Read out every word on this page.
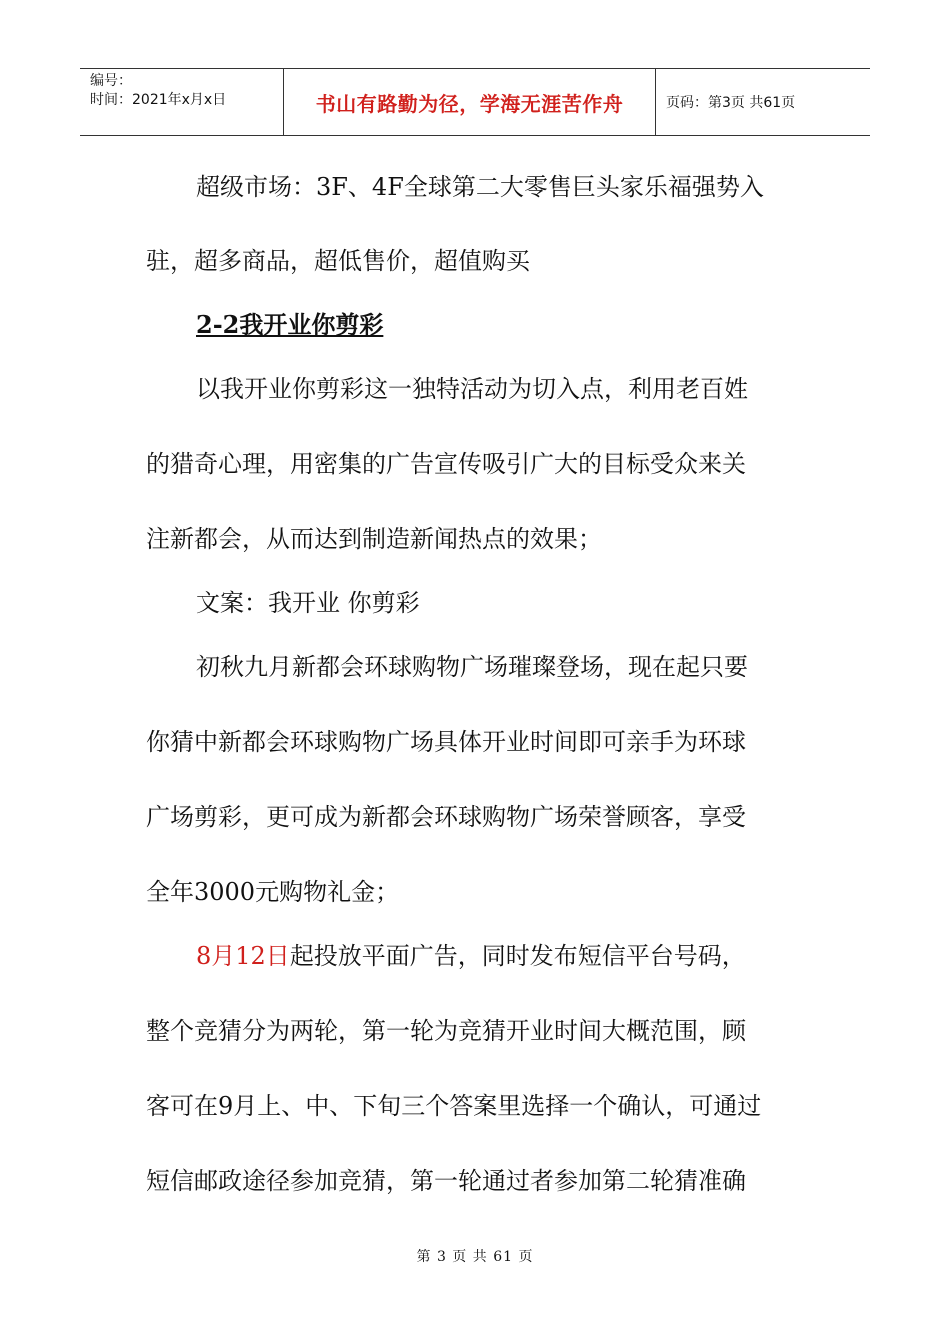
编号：
时间：2021年x月x日	书山有路勤为径，学海无涯苦作舟	页码：第3页 共61页
超级市场：3F、4F全球第二大零售巨头家乐福强势入
驻，超多商品，超低售价，超值购买
2-2我开业你剪彩
以我开业你剪彩这一独特活动为切入点，利用老百姓
的猎奇心理，用密集的广告宣传吸引广大的目标受众来关
注新都会，从而达到制造新闻热点的效果；
文案：我开业 你剪彩
初秋九月新都会环球购物广场璀璨登场，现在起只要
你猜中新都会环球购物广场具体开业时间即可亲手为环球
广场剪彩，更可成为新都会环球购物广场荣誉顾客，享受
全年3000元购物礼金；
8月12日起投放平面广告，同时发布短信平台号码，
整个竞猜分为两轮，第一轮为竞猜开业时间大概范围，顾
客可在9月上、中、下旬三个答案里选择一个确认，可通过
短信邮政途径参加竞猜，第一轮通过者参加第二轮猜准确
第 3 页 共 61 页
